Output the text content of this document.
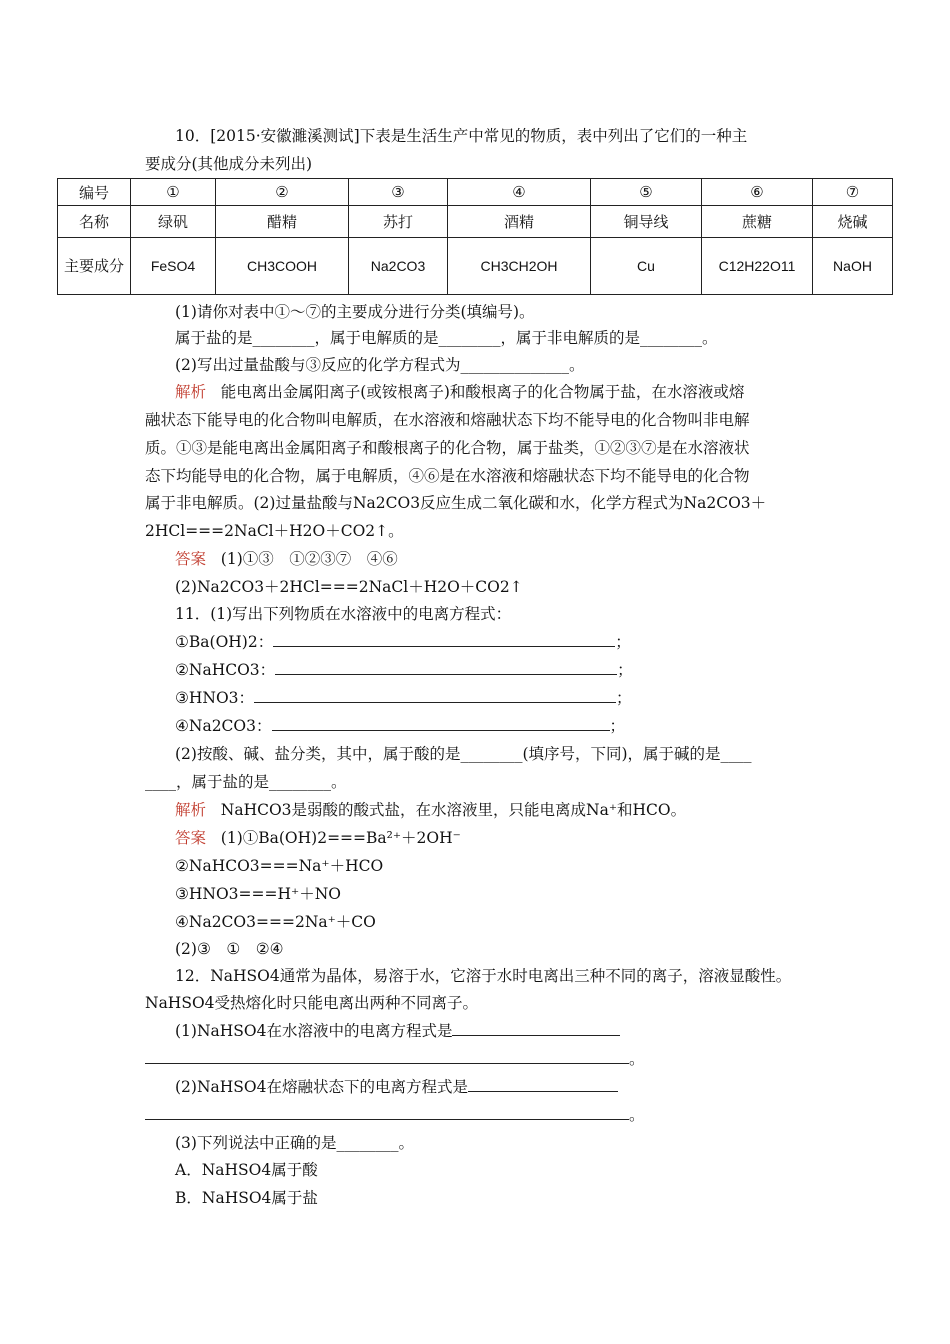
10．[2015·安徽濉溪测试]下表是生活生产中常见的物质，表中列出了它们的一种主
要成分(其他成分未列出)
编号	①	②	③	④	⑤	⑥	⑦
名称	绿矾	醋精	苏打	酒精	铜导线	蔗糖	烧碱
主要成分	FeSO4	CH3COOH	Na2CO3	CH3CH2OH	Cu	C12H22O11	NaOH
(1)请你对表中①～⑦的主要成分进行分类(填编号)。
属于盐的是________，属于电解质的是________，属于非电解质的是________。
(2)写出过量盐酸与③反应的化学方程式为______________。
解析 能电离出金属阳离子(或铵根离子)和酸根离子的化合物属于盐，在水溶液或熔
融状态下能导电的化合物叫电解质，在水溶液和熔融状态下均不能导电的化合物叫非电解
质。①③是能电离出金属阳离子和酸根离子的化合物，属于盐类，①②③⑦是在水溶液状
态下均能导电的化合物，属于电解质，④⑥是在水溶液和熔融状态下均不能导电的化合物
属于非电解质。(2)过量盐酸与Na2CO3反应生成二氧化碳和水，化学方程式为Na2CO3＋
2HCl===2NaCl＋H2O＋CO2↑。
答案 (1)①③　①②③⑦　④⑥
(2)Na2CO3＋2HCl===2NaCl＋H2O＋CO2↑
11．(1)写出下列物质在水溶液中的电离方程式：
①Ba(OH)2：	；
②NaHCO3：	；
③HNO3：	；
④Na2CO3：	；
(2)按酸、碱、盐分类，其中，属于酸的是________(填序号，下同)，属于碱的是____
____，属于盐的是________。
解析 NaHCO3是弱酸的酸式盐，在水溶液里，只能电离成Na⁺和HCO。
答案 (1)①Ba(OH)2===Ba²⁺＋2OH⁻
②NaHCO3===Na⁺＋HCO
③HNO3===H⁺＋NO
④Na2CO3===2Na⁺＋CO
(2)③　①　②④
12．NaHSO4通常为晶体，易溶于水，它溶于水时电离出三种不同的离子，溶液显酸性。
NaHSO4受热熔化时只能电离出两种不同离子。
(1)NaHSO4在水溶液中的电离方程式是
。
(2)NaHSO4在熔融状态下的电离方程式是
。
(3)下列说法中正确的是________。
A．NaHSO4属于酸
B．NaHSO4属于盐
